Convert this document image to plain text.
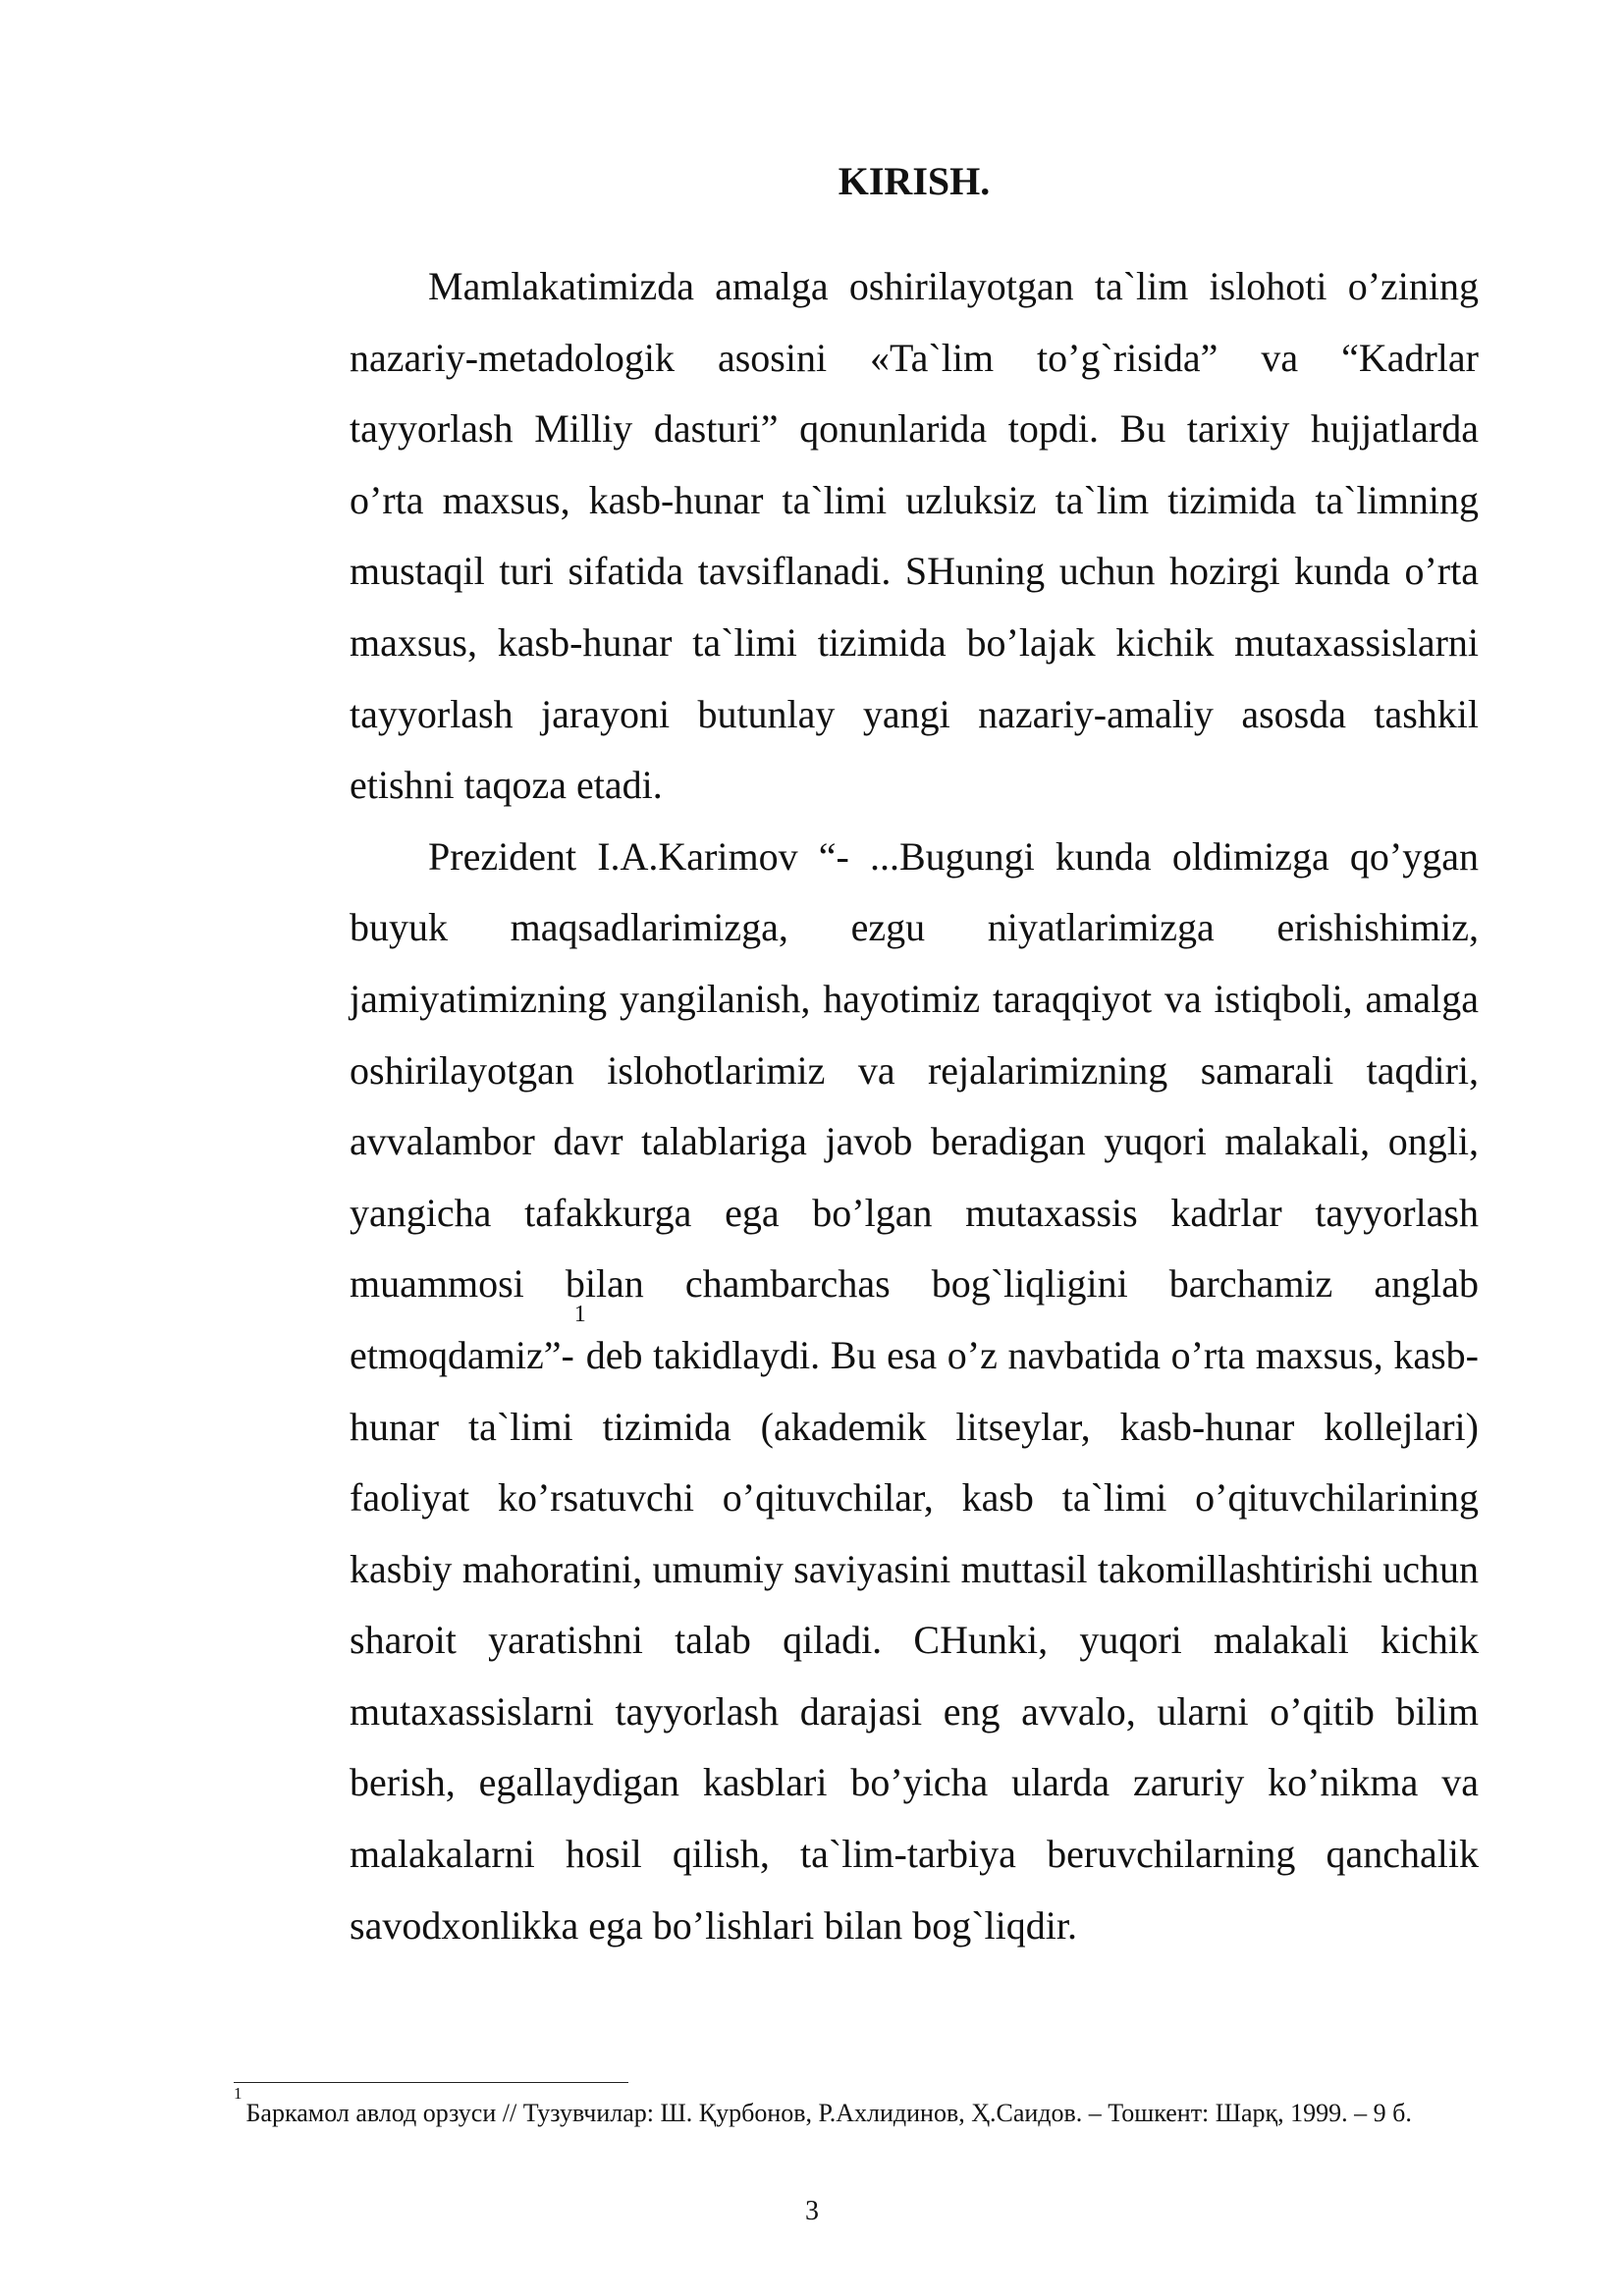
KIRISH.

Mamlakatimizda amalga oshirilayotgan ta`lim islohoti o’zining nazariy-metadologik asosini «Ta`lim to’g`risida” va “Kadrlar tayyorlash Milliy dasturi” qonunlarida topdi. Bu tarixiy hujjatlarda o’rta maxsus, kasb-hunar ta`limi uzluksiz ta`lim tizimida ta`limning mustaqil turi sifatida tavsiflanadi. SHuning uchun hozirgi kunda o’rta maxsus, kasb-hunar ta`limi tizimida bo’lajak kichik mutaxassislarni tayyorlash jarayoni butunlay yangi nazariy-amaliy asosda tashkil etishni taqoza etadi.

Prezident I.A.Karimov “- ...Bugungi kunda oldimizga qo’ygan buyuk maqsadlarimizga, ezgu niyatlarimizga erishishimiz, jamiyatimizning yangilanish, hayotimiz taraqqiyot va istiqboli, amalga oshirilayotgan islohotlarimiz va rejalarimizning samarali taqdiri, avvalambor davr talablariga javob beradigan yuqori malakali, ongli, yangicha tafakkurga ega bo’lgan mutaxassis kadrlar tayyorlash muammosi bilan chambarchas bog`liqligini barchamiz anglab etmoqdamiz”-$^1$deb takidlaydi. Bu esa o’z navbatida o’rta maxsus, kasb-hunar ta`limi tizimida (akademik litseylar, kasb-hunar kollejlari) faoliyat ko’rsatuvchi o’qituvchilar, kasb ta`limi o’qituvchilarining kasbiy mahoratini, umumiy saviyasini muttasil takomillashtirishi uchun sharoit yaratishni talab qiladi. CHunki, yuqori malakali kichik mutaxassislarni tayyorlash darajasi eng avvalo, ularni o’qitib bilim berish, egallaydigan kasblari bo’yicha ularda zaruriy ko’nikma va malakalarni hosil qilish, ta`lim-tarbiya beruvchilarning qanchalik savodxonlikka ega bo’lishlari bilan bog`liqdir.

$^1$Баркамол авлод орзуси // Тузувчилар: Ш. Қурбонов, Р.Ахлидинов, Ҳ.Саидов. – Тошкент: Шарқ, 1999. – 9 б.

3
